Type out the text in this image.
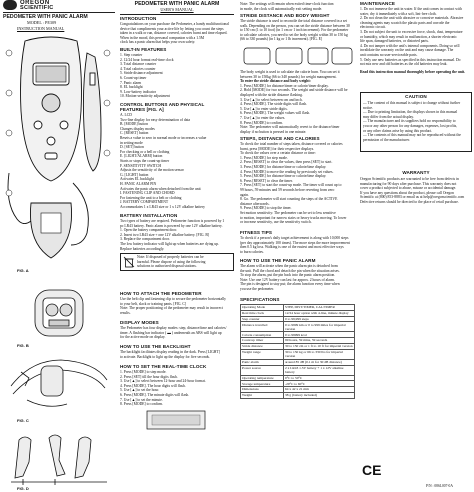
OREGON
SCIENTIFIC
PEDOMETER WITH PANIC ALARM
MODEL : PE309
INSTRUCTION MANUAL
FIG. A
FIG. B
FIG. C
FIG. D
PEDOMETER WITH PANIC ALARM
USER'S MANUAL
INTRODUCTION
Congratulations on your purchase the Pedometer, a handy multifunctional
device that compliments your active life by letting you count the steps
taken in a walk or run, distance covered, calories burnt and time elapsed.
When in the mood, this personal companion with a 1.5M
clock has a panic alarm that helps your own safety.
BUILT-IN FEATURES
1. Step counter
2. 12/24 hour format real-time clock
3. Total distance counter
4. Total calories counter
5. Stride distance adjustment
6. Count-up timer
7. Panic alarm
8. EL backlight
9. Low-battery indicator
10. Motion-sensitivity adjustment
CONTROL BUTTONS AND PHYSICAL
FEATURES [FIG. A]
A. LCD
Two-line display for easy determination of data
B. [MODE] button
Changes display modes
C. [RESET] button
Resets a value to zero in normal mode or increases a value
in setting mode
D. [SET] button
For checking or a bell or clothing
E. [LIGHT/ALARM] button
Starts or stops the count-up timer
F. SENSITIVITY SWITCH
Adjusts the sensitivity of the motion sensor
G. [LIGHT] button
Activates EL backlight
H. PANIC ALARM PIN
Activates the panic alarm when detached from the unit
I. FASTENING CLIP AND CHORD
For fastening the unit to a belt or clothing
J. BATTERY COMPARTMENT
Accommodates 1 x LR43 size or 1 x 12V alkaline battery
BATTERY INSTALLATION
Two types of battery are required. Pedometer function is powered by 1
pc LR43 battery. Panic alarm is powered by one 12V alkaline battery.
1. Open the battery compartment door.
2. Insert two LR43 size + one 12V alkaline battery. [FIG. B]
3. Replace the compartment door.
The low battery indicator will light up when batteries are dying up.
Replace batteries accordingly.
Note: If disposed of properly batteries can be
harmful. Please dispose of using the following
solutions to authorized disposal stations.
HOW TO ATTACH THE PEDOMETER
Use the belt clip and fastening clip to secure the pedometer horizontally
to your belt, slack or training pants. [FIG. C]
Note: The proper positioning of the pedometer may result in incorrect
results.
DISPLAY MODES
The Pedometer has four display modes: step, distance/time and calories/
timer. A flashing bar indicator ( ▬ ) underneath an ABS will light up
for the active mode on display.
HOW TO USE THE BACKLIGHT
The backlight facilitates display reading in the dark. Press [LIGHT]
to activate. Backlight to light up the display for five seconds.
HOW TO SET THE REAL-TIME CLOCK
1. Press [MODE] to step mode.
2. Press [SET] till the hour digits flash.
3. Use [▲] to select between 12-hour and 24-hour format.
4. Press [MODE]. The hour digits will flash.
5. Use [▲] to set the hour.
6. Press [MODE]. The minute digits will flash.
7. Use [▲] to set the minute.
8. Press [MODE] to confirm.
Note: The settings will remain when exited time-clock function
in mode, the clock will automatically exit setting mode.
STRIDE DISTANCE AND BODY WEIGHT
The stride distance is used to reconcile the total distance covered in a set
walk. Depending on the person, you can set the stride distance between 30
to 150 cm (1 to 10 foot) (in 1 cm or 1 inch increment). For the pedometer
to calculate calories, you need to set the body weight within 30 to 150 kg
(66 to 330 pounds) (in 1 kg or 1 lb increment). [FIG. E]
The body weight is used to calculate the calorie burn. You can set it
between 30 to 150kg (66 to 340 pounds) for weight management.
To enter the stride distance and body weight:
1. Press [MODE] for distance/timer or calorie/timer display.
2. Hold [MODE] for two seconds. The weight and stride distance will be
displayed with the stride distance flashing.
3. Use [▲] to select between cm and inch.
4. Press [MODE]. The stride digits will flash.
5. Use [▲] to enter stride digits.
6. Press [MODE]. The weight values will flash.
7. Use [▲] to enter the values.
8. Press [MODE] to confirm.
Note: The pedometer will automatically revert to the distance/timer
display if no button is pressed in one minute.
STEPS, DISTANCE AND CALORIES
To check the total number of steps taken, distance covered or calories
burnt, press [MODE] for their respective displays.
To check the values over a certain distance or time:
1. Press [MODE] for step mode.
2. Press [RESET] to clear the values, then press [SET] to start.
3. Press [MODE] for distance/time or calorie/time display.
4. Press [MODE] to move the reading by previously set values.
5. Press [MODE] for distance/time or calorie/time display.
6. Press [RESET] to clear the timer.
7. Press [SET] to start the count-up mode. The timer will count up to
99 hours, 59 minutes and 59 seconds before reverting from zero
again.
8. Go. The pedometer will start counting the steps of the ACTIVE
distance afterwards.
9. Press [MODE] to stop the timer.
Set motion sensitivity: The pedometer can be set to less sensitive
to motion, important for narrow stairs or heavy trucks moving. To lower
or increase sensitivity, use the sensitivity switch.
FITNESS TIPS
To check if a person's daily target achievement is along with 10,000 steps
(per day approximately 100 times). The more steps the more improvement
then 0.5 kg loss. Walking is one of the easiest and most effective ways
to burn calories.
HOW TO USE THE PANIC ALARM
The alarm will activate when the panic alarm pin is detached from
the unit. Pull the chord and detach the pin when the situation arises.
To stop the alarm, put the pin back into the panic alarm position.
Note: Use one 12V battery can last for approx. 2 hours of alarm.
The pin is designed to stay put; the alarm function every time when
you use the pedometer.
SPECIFICATIONS
Operating Mode	STEP, DIST/TIMER, CAL/TIMER
Real time clock	12/24 hour option with 4-line, minute display
Step counter	0 to 99,999 steps
Distance travelled	0 to 9999 km or 0 to 999 miles for imperial version
Calorie consumption	0 to 99999 kcal
Count up timer	99 hours, 59 mins, 59 seconds
Stride distance	30 to 150 cm or 1 ft to 10 ft for imperial version
Weight range	30 to 150 kg or 66 to 330 lbs for imperial version
Panic alarm	around 85 dB (0.1 m for 30 dB distance)
Power source	2 x LR43 1.5V battery + 1 x 12V alkaline battery
Operating temperature	0°C to 50°C
Storage temperature	-20°C to 60°C
Dimensions	64 x 42 x 21 mm
Weight	38 g (battery included)
MAINTENANCE
1. Do not immerse the unit in water. If the unit comes in contact with
water, dry it immediately with a soft, lint-free cloth.
2. Do not clean the unit with abrasive or corrosive materials. Abrasive
cleaning agents may scratch the plastic parts and corrode the
electronic circuit.
3. Do not subject the unit to excessive force, shock, dust, temperature
or humidity, which may result in malfunction, a shorter electronic
life span, damaged batteries, or distorted parts.
4. Do not tamper with the unit's internal components. Doing so will
invalidate the warranty on the unit and may cause damage. The
unit contains no user-serviceable parts.
5. Only use new batteries as specified in this instruction manual. Do
not mix new and old batteries as the old batteries may leak.
Read this instruction manual thoroughly before operating the unit.
CAUTION
— The content of this manual is subject to change without further
notice.
— Due to printing limitation, the displays shown in this manual
may differ from the actual display.
— The manufacturer and its suppliers hold no responsibility to
you or any other person for any damages, expenses, lost profits,
or any other claims arise by using this product.
— The contents of this manual may not be reproduced without the
permission of the manufacturer.
WARRANTY
Oregon Scientific products are warranted to be free from defects in
manufacturing for 90 days after purchase. This warranty does not
cover a product subjected to abuse, misuse or accidental damage.
If you have any questions about the product, please call Oregon
Scientific at (800) 853-8883 or email us at help@oregonscientific.com
Defective returns should be directed to the place of retail purchase.
CE
P/N : 086L007-0A
